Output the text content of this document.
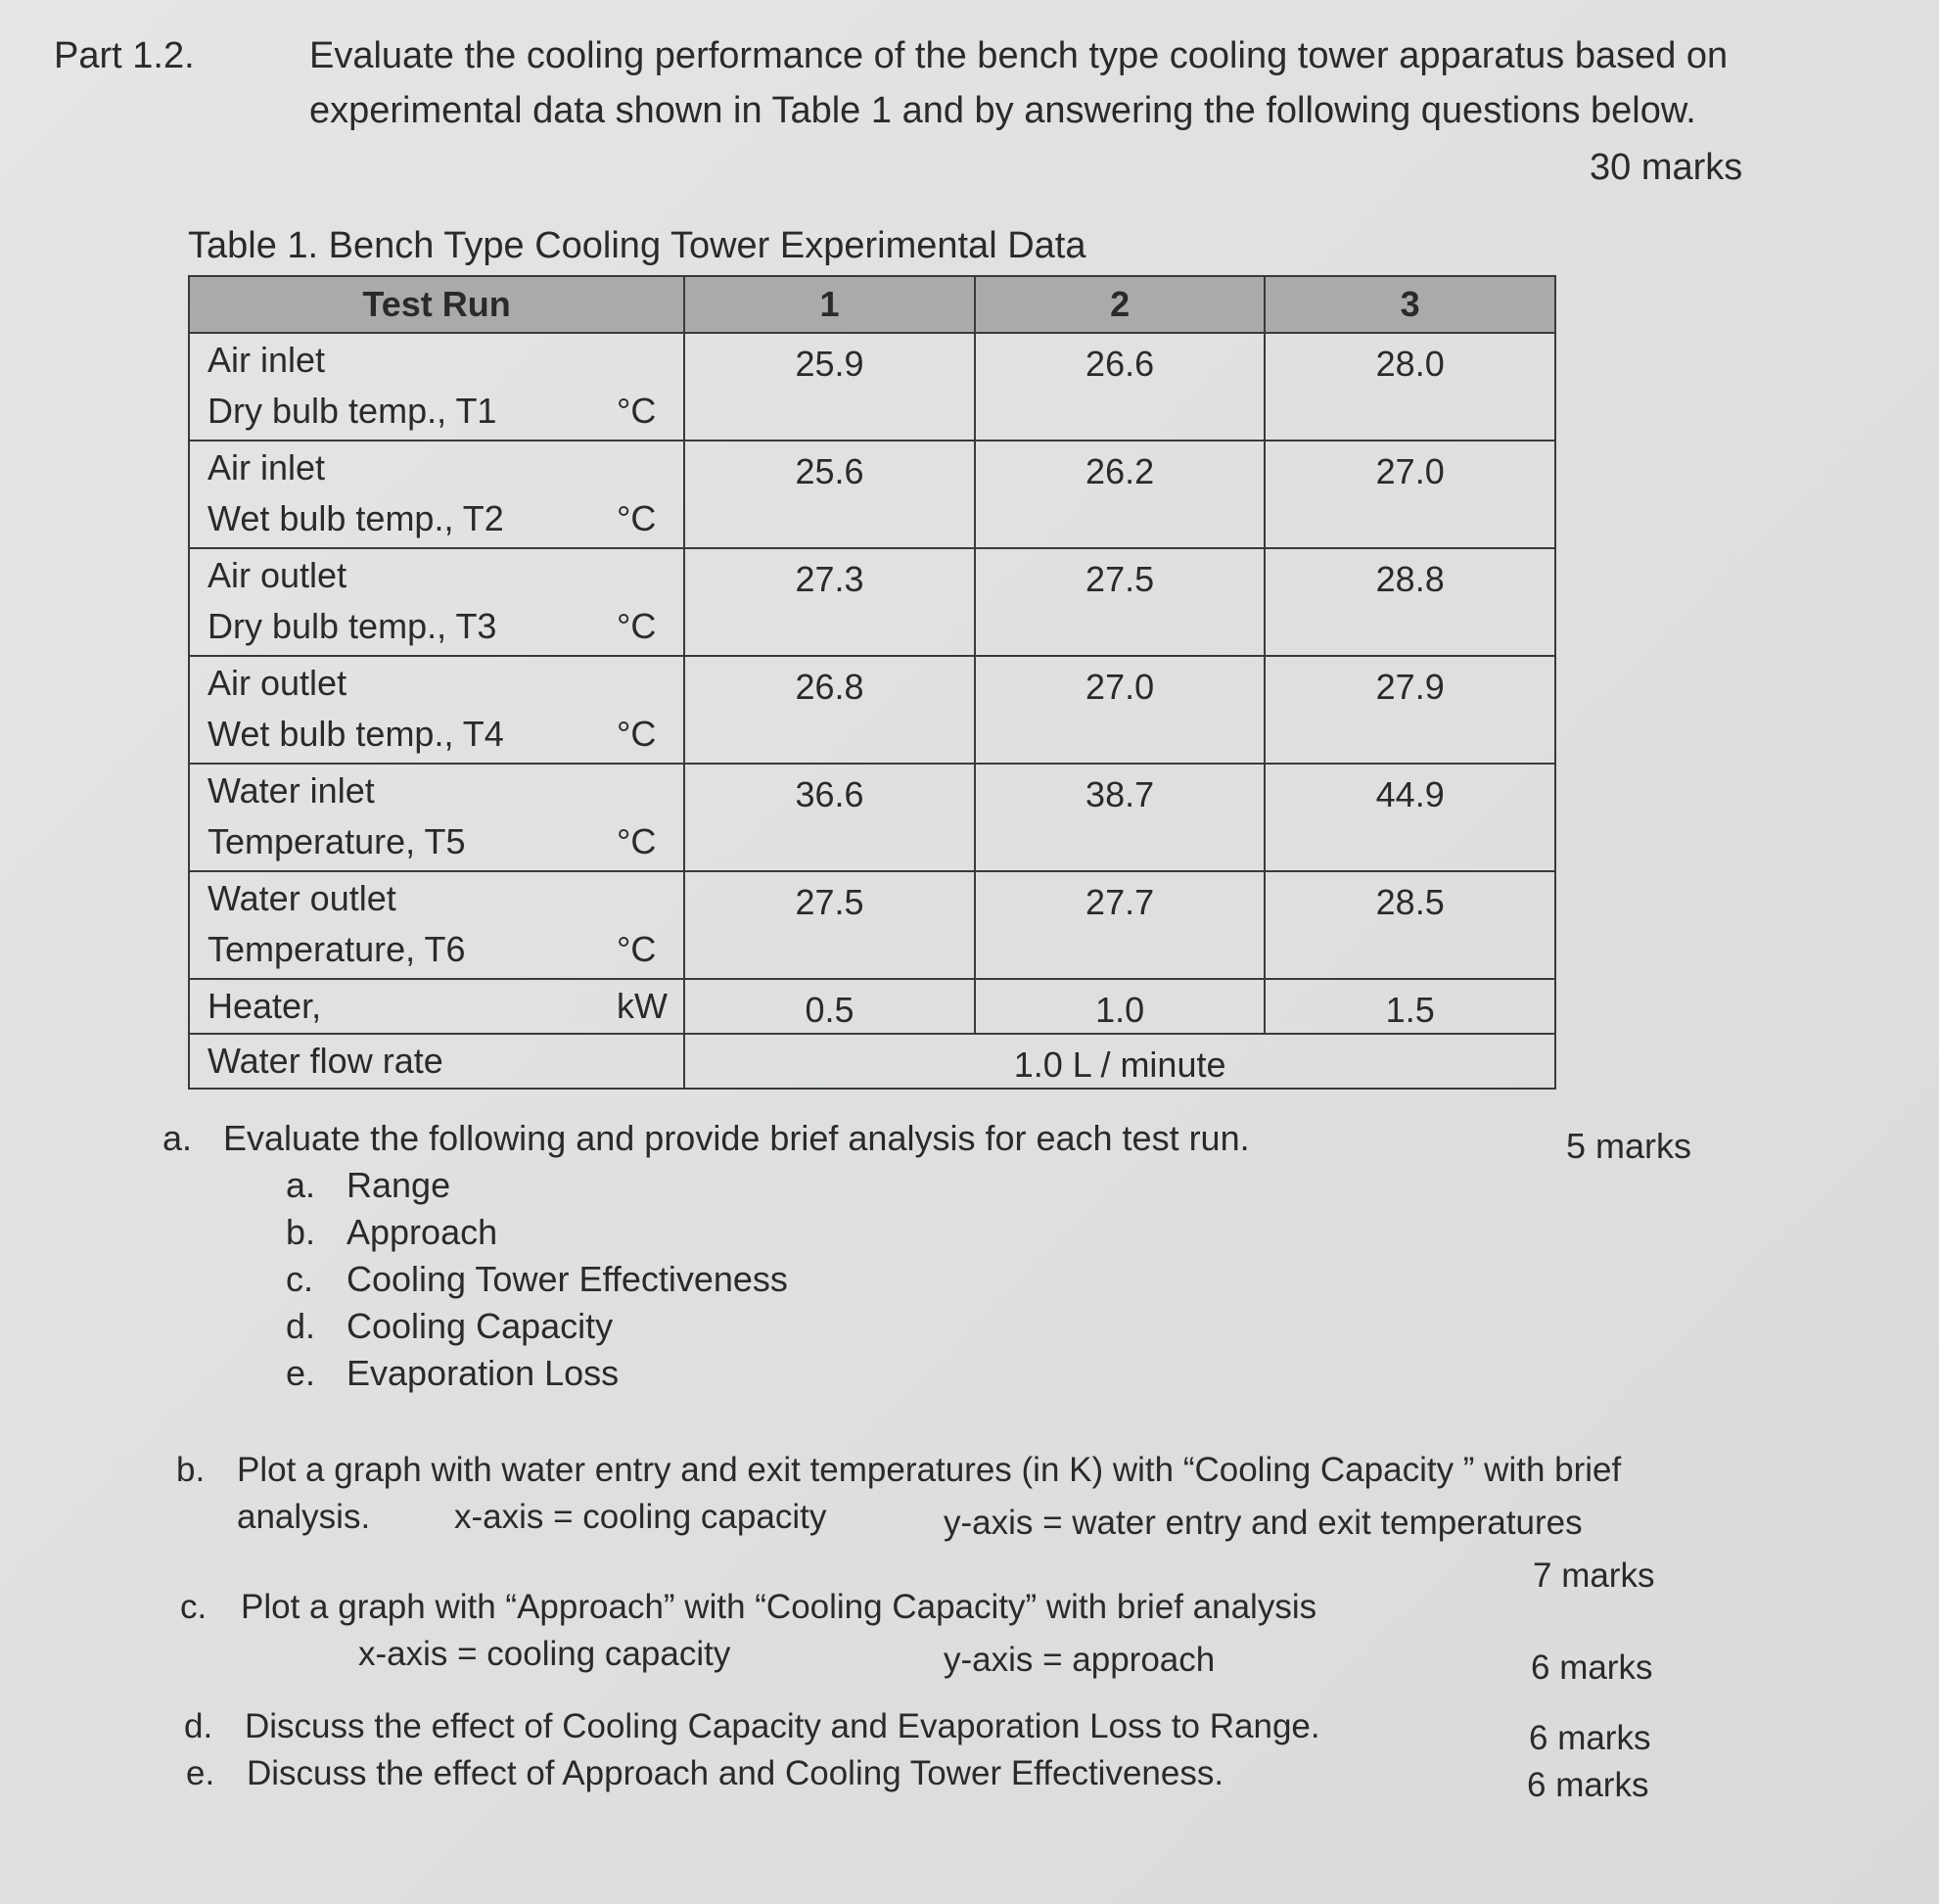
Part 1.2.	Evaluate the cooling performance of the bench type cooling tower apparatus based on
experimental data shown in Table 1 and by answering the following questions below.
30 marks
Table 1. Bench Type Cooling Tower Experimental Data
Test Run	1	2	3

Air inlet
Dry bulb temp., T1 °C	25.9	26.6	28.0

Air inlet
Wet bulb temp., T2 °C	25.6	26.2	27.0

Air outlet
Dry bulb temp., T3 °C	27.3	27.5	28.8

Air outlet
Wet bulb temp., T4 °C	26.8	27.0	27.9

Water inlet
Temperature, T5 °C	36.6	38.7	44.9

Water outlet
Temperature, T6 °C	27.5	27.7	28.5

Heater, kW	0.5	1.0	1.5

Water flow rate	1.0 L / minute		
a. Evaluate the following and provide brief analysis for each test run.	5 marks
a. Range
b. Approach
c. Cooling Tower Effectiveness
d. Cooling Capacity
e. Evaporation Loss
b. Plot a graph with water entry and exit temperatures (in K) with “Cooling Capacity ” with brief
analysis. x-axis = cooling capacity	y-axis = water entry and exit temperatures
7 marks
c. Plot a graph with “Approach” with “Cooling Capacity” with brief analysis
x-axis = cooling capacity	y-axis = approach	6 marks
d. Discuss the effect of Cooling Capacity and Evaporation Loss to Range.	6 marks
e. Discuss the effect of Approach and Cooling Tower Effectiveness.	6 marks
